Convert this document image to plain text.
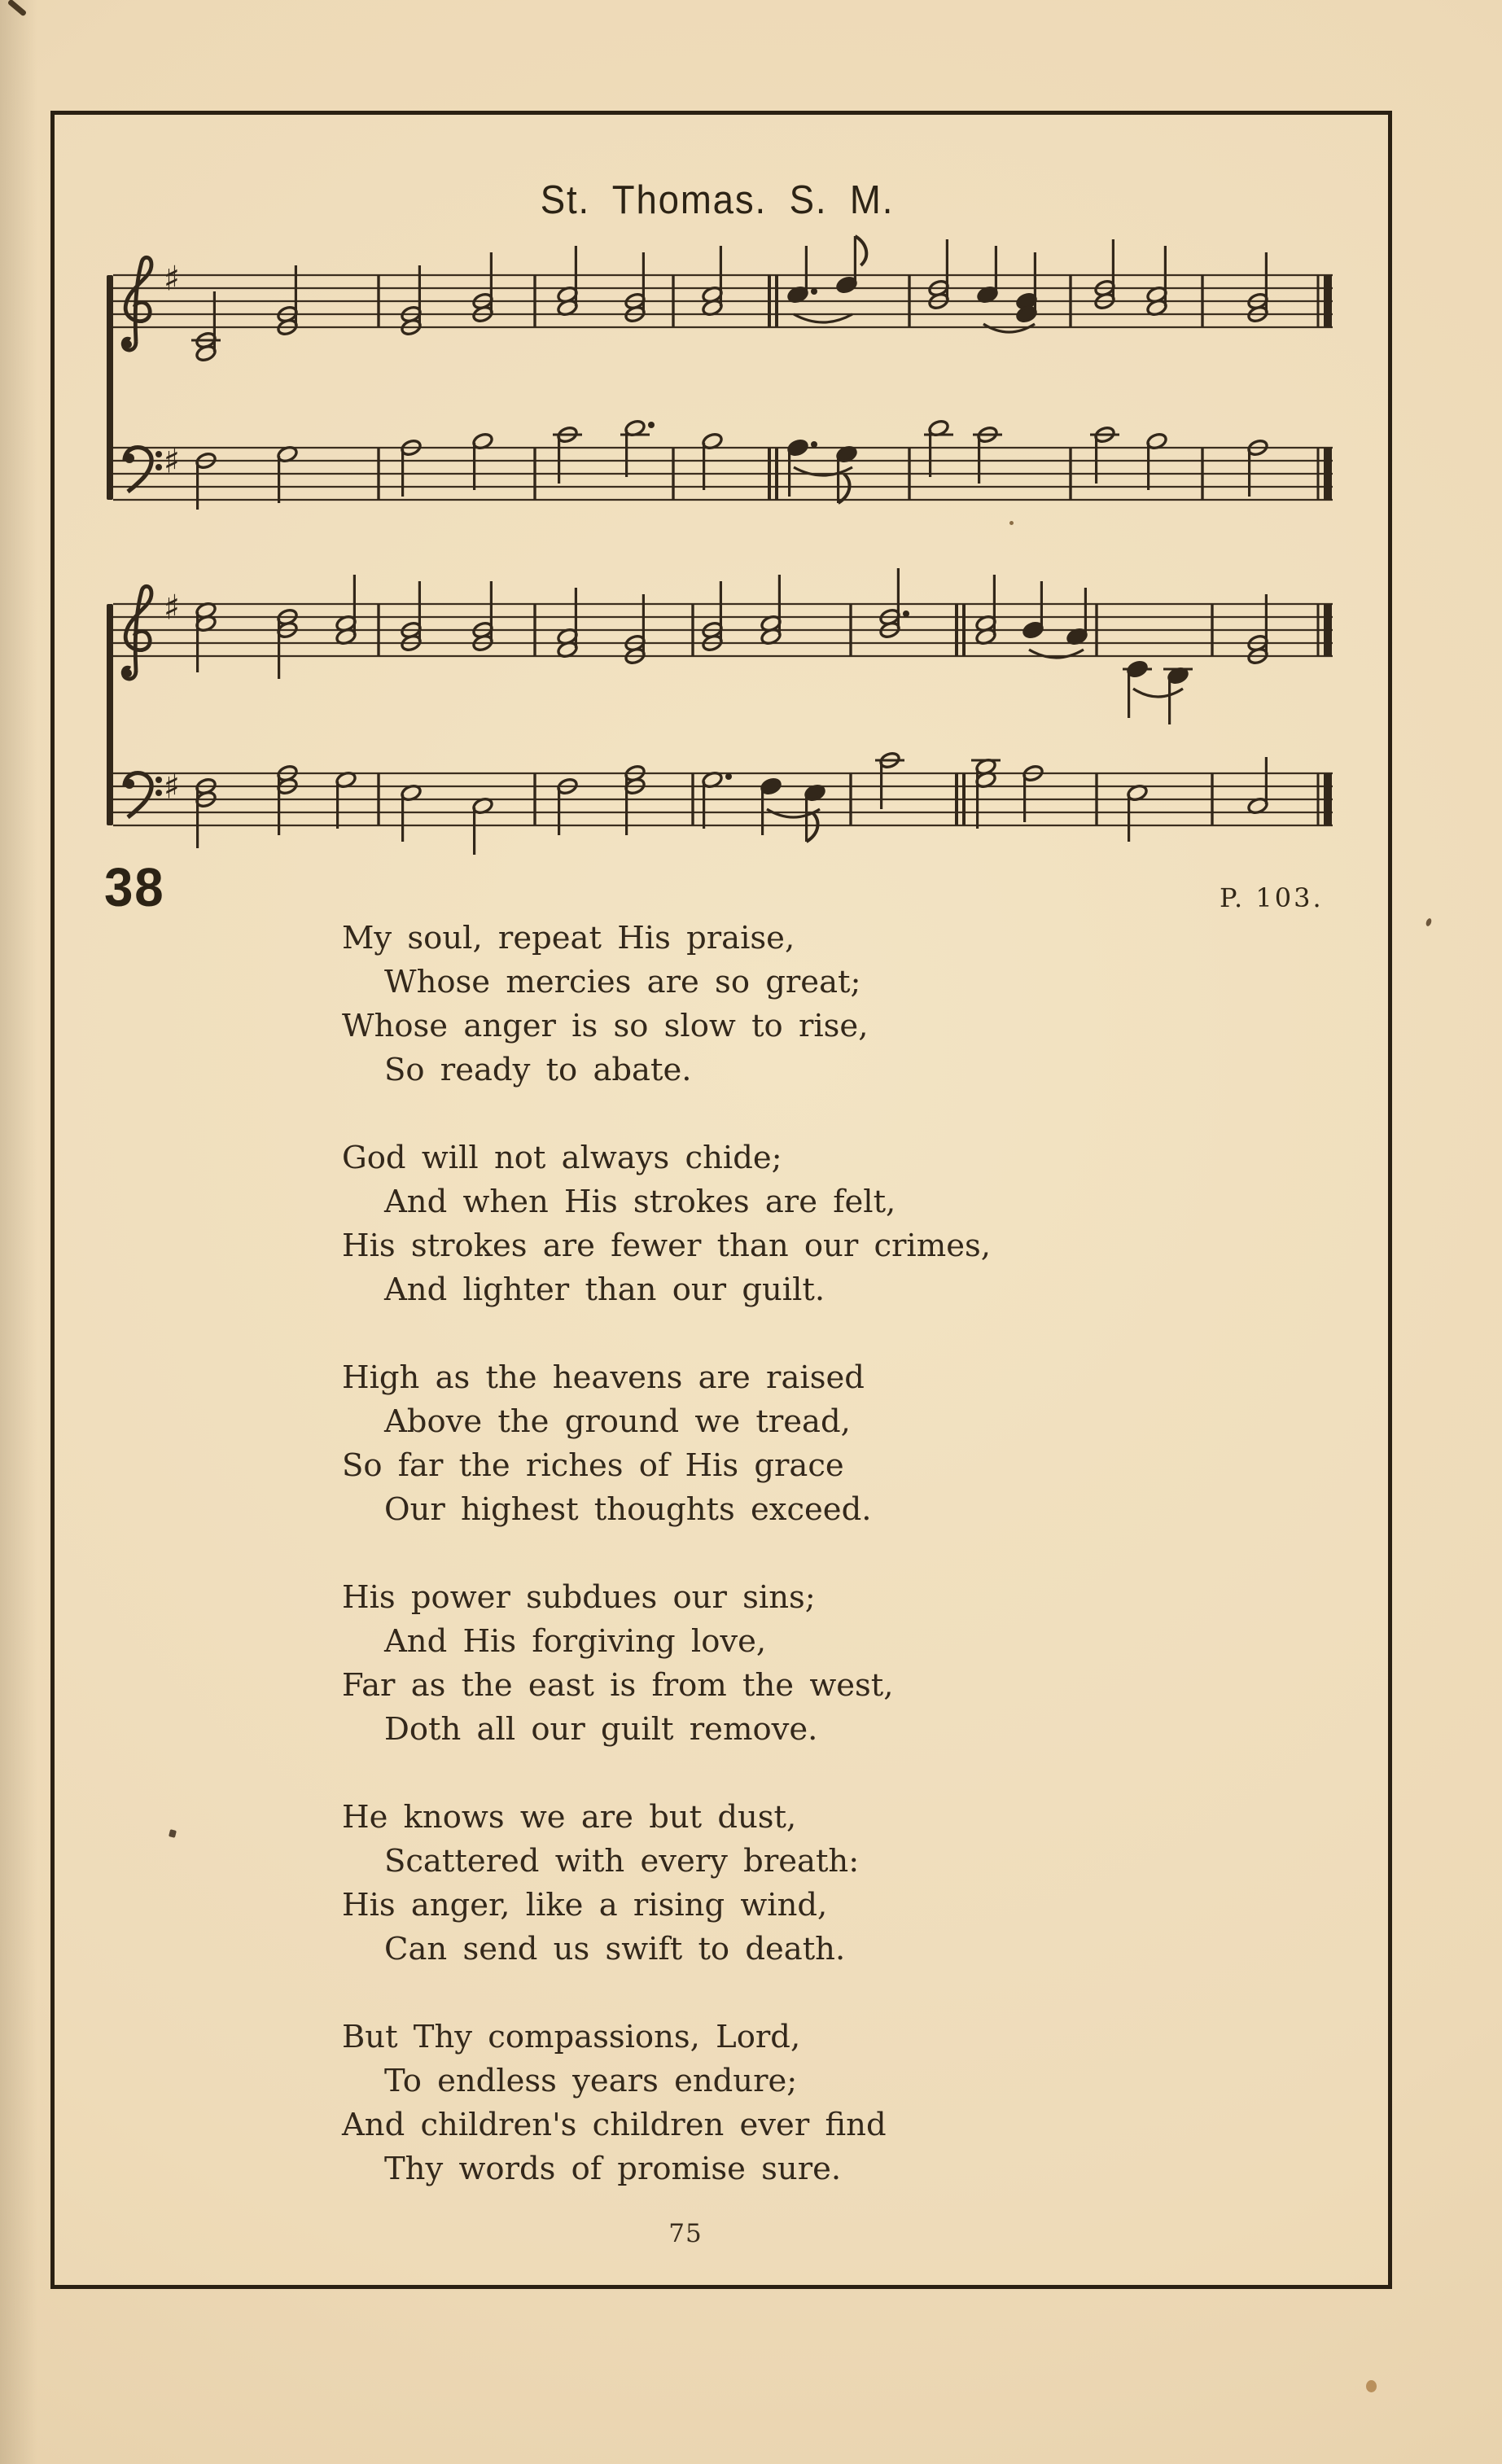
St. Thomas. S. M.
♯
♯
♯
♯
38	P. 103.
My soul, repeat His praise,
Whose mercies are so great;
Whose anger is so slow to rise,
So ready to abate.
God will not always chide;
And when His strokes are felt,
His strokes are fewer than our crimes,
And lighter than our guilt.
High as the heavens are raised
Above the ground we tread,
So far the riches of His grace
Our highest thoughts exceed.
His power subdues our sins;
And His forgiving love,
Far as the east is from the west,
Doth all our guilt remove.
He knows we are but dust,
Scattered with every breath:
His anger, like a rising wind,
Can send us swift to death.
But Thy compassions, Lord,
To endless years endure;
And children's children ever find
Thy words of promise sure.
75
